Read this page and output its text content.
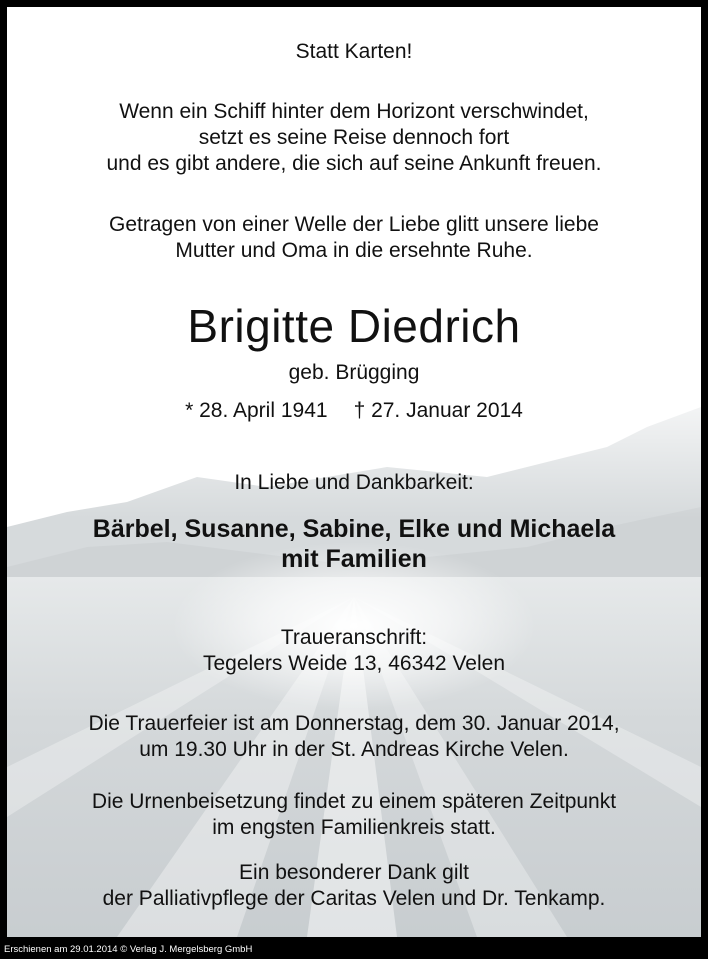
Statt Karten!
Wenn ein Schiff hinter dem Horizont verschwindet,
setzt es seine Reise dennoch fort
und es gibt andere, die sich auf seine Ankunft freuen.
Getragen von einer Welle der Liebe glitt unsere liebe
Mutter und Oma in die ersehnte Ruhe.
Brigitte Diedrich
geb. Brügging
* 28. April 1941 † 27. Januar 2014
In Liebe und Dankbarkeit:
Bärbel, Susanne, Sabine, Elke und Michaela
mit Familien
Traueranschrift:
Tegelers Weide 13, 46342 Velen
Die Trauerfeier ist am Donnerstag, dem 30. Januar 2014,
um 19.30 Uhr in der St. Andreas Kirche Velen.
Die Urnenbeisetzung findet zu einem späteren Zeitpunkt
im engsten Familienkreis statt.
Ein besonderer Dank gilt
der Palliativpflege der Caritas Velen und Dr. Tenkamp.
Erschienen am 29.01.2014 © Verlag J. Mergelsberg GmbH
